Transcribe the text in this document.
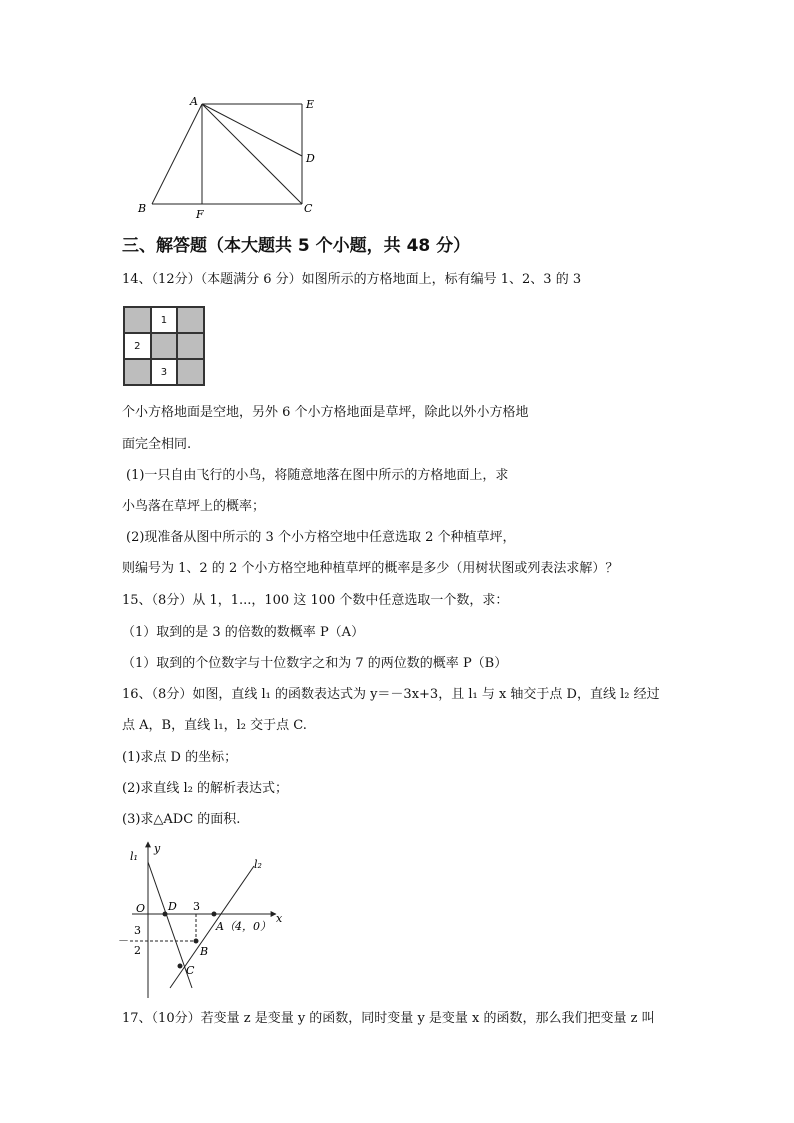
A	E
D
B	F	C
三、解答题（本大题共 5 个小题，共 48 分）
14、（12分）（本题满分 6 分）如图所示的方格地面上，标有编号 1、2、3 的 3
1
2
3
个小方格地面是空地，另外 6 个小方格地面是草坪，除此以外小方格地
面完全相同.
(1)一只自由飞行的小鸟，将随意地落在图中所示的方格地面上，求
小鸟落在草坪上的概率；
(2)现准备从图中所示的 3 个小方格空地中任意选取 2 个种植草坪，
则编号为 1、2 的 2 个小方格空地种植草坪的概率是多少（用树状图或列表法求解）？
15、（8分）从 1，1...，100 这 100 个数中任意选取一个数，求：
（1）取到的是 3 的倍数的数概率 P（A）
（1）取到的个位数字与十位数字之和为 7 的两位数的概率 P（B）
16、（8分）如图，直线 l₁ 的函数表达式为 y＝－3x+3，且 l₁ 与 x 轴交于点 D，直线 l₂ 经过
点 A，B，直线 l₁，l₂ 交于点 C.
(1)求点 D 的坐标；
(2)求直线 l₂ 的解析表达式；
(3)求△ADC 的面积.
l₁
y
l₂
x
O D 3
A（4，0）
－
3
2	B
C
17、（10分）若变量 z 是变量 y 的函数，同时变量 y 是变量 x 的函数，那么我们把变量 z 叫
